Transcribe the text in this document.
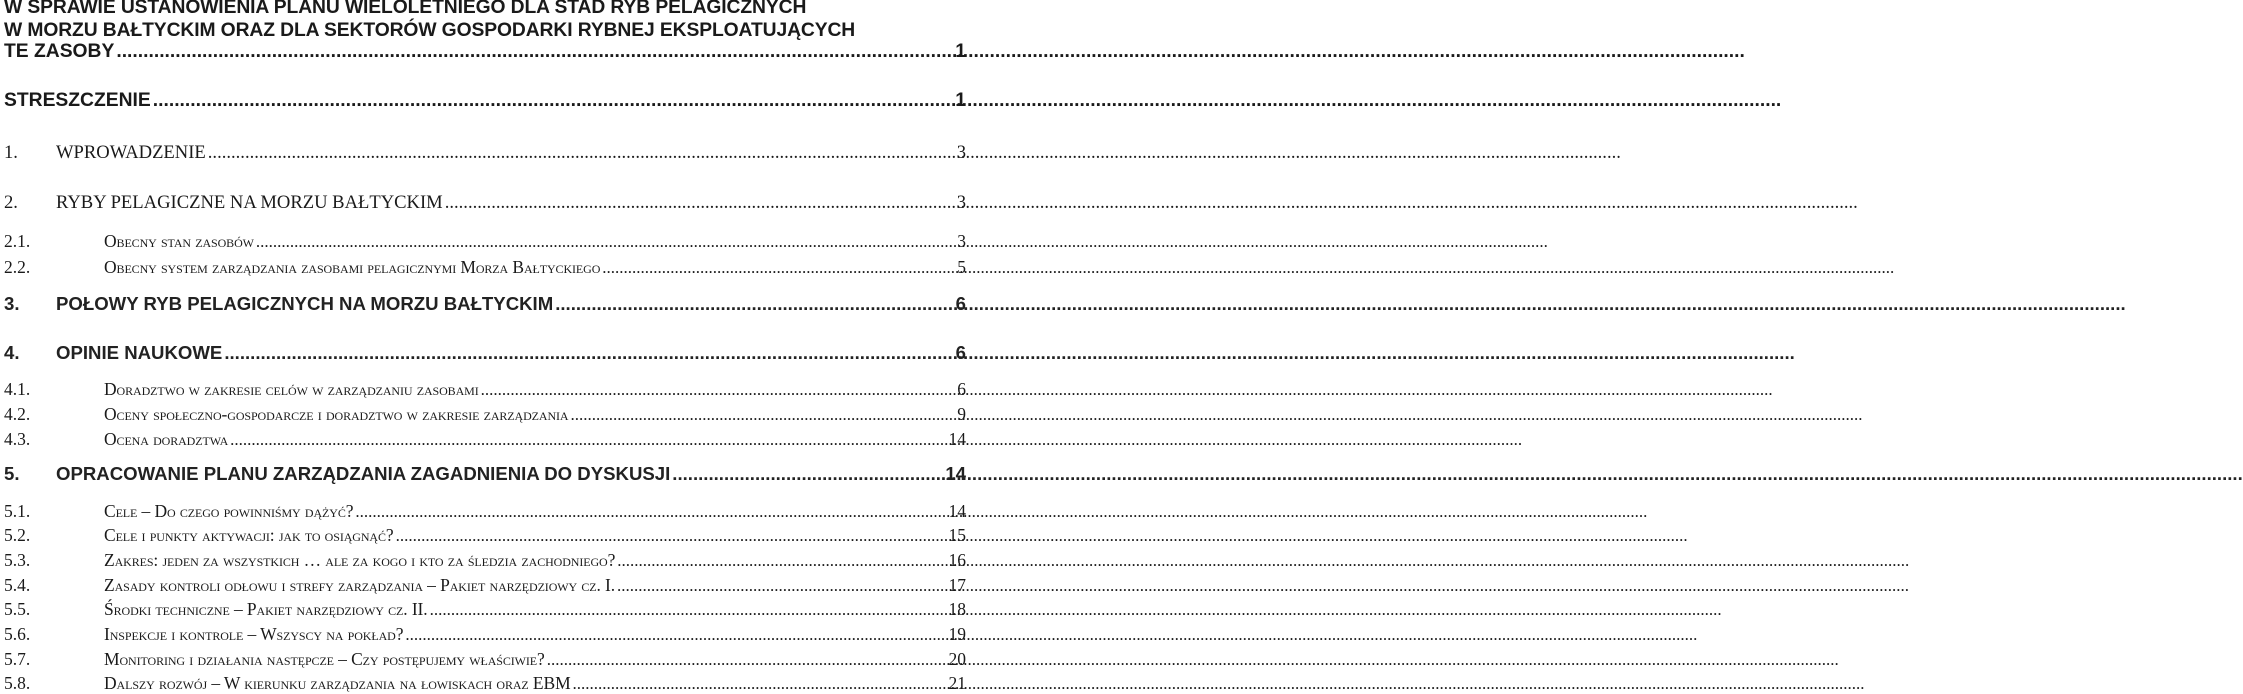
W SPRAWIE USTANOWIENIA PLANU WIELOLETNIEGO DLA STAD RYB PELAGICZNYCH
W MORZU BAŁTYCKIM ORAZ DLA SEKTORÓW GOSPODARKI RYBNEJ EKSPLOATUJĄCYCH
TE ZASOBY .....	1
STRESZCZENIE .....	1
1.	WPROWADZENIE .....	3
2.	RYBY PELAGICZNE NA MORZU BAŁTYCKIM .....	3
2.1.	Obecny stan zasobów .....	3
2.2.	Obecny system zarządzania zasobami pelagicznymi Morza Bałtyckiego .....	5
3.	POŁOWY RYB PELAGICZNYCH NA MORZU BAŁTYCKIM .....	6
4.	OPINIE NAUKOWE .....	6
4.1.	Doradztwo w zakresie celów w zarządzaniu zasobami .....	6
4.2.	Oceny społeczno-gospodarcze i doradztwo w zakresie zarządzania .....	9
4.3.	Ocena doradztwa .....	14
5.	OPRACOWANIE PLANU ZARZĄDZANIA ZAGADNIENIA DO DYSKUSJI .....	14
5.1.	Cele – Do czego powinniśmy dążyć? .....	14
5.2.	Cele i punkty aktywacji: jak to osiągnąć? .....	15
5.3.	Zakres: jeden za wszystkich … ale za kogo i kto za śledzia zachodniego? .....	16
5.4.	Zasady kontroli odłowu i strefy zarządzania – Pakiet narzędziowy cz. I. .....	17
5.5.	Środki techniczne – Pakiet narzędziowy cz. II. .....	18
5.6.	Inspekcje i kontrole – Wszyscy na pokład? .....	19
5.7.	Monitoring i działania następcze – Czy postępujemy właściwie? .....	20
5.8.	Dalszy rozwój – W kierunku zarządzania na łowiskach oraz EBM .....	21
